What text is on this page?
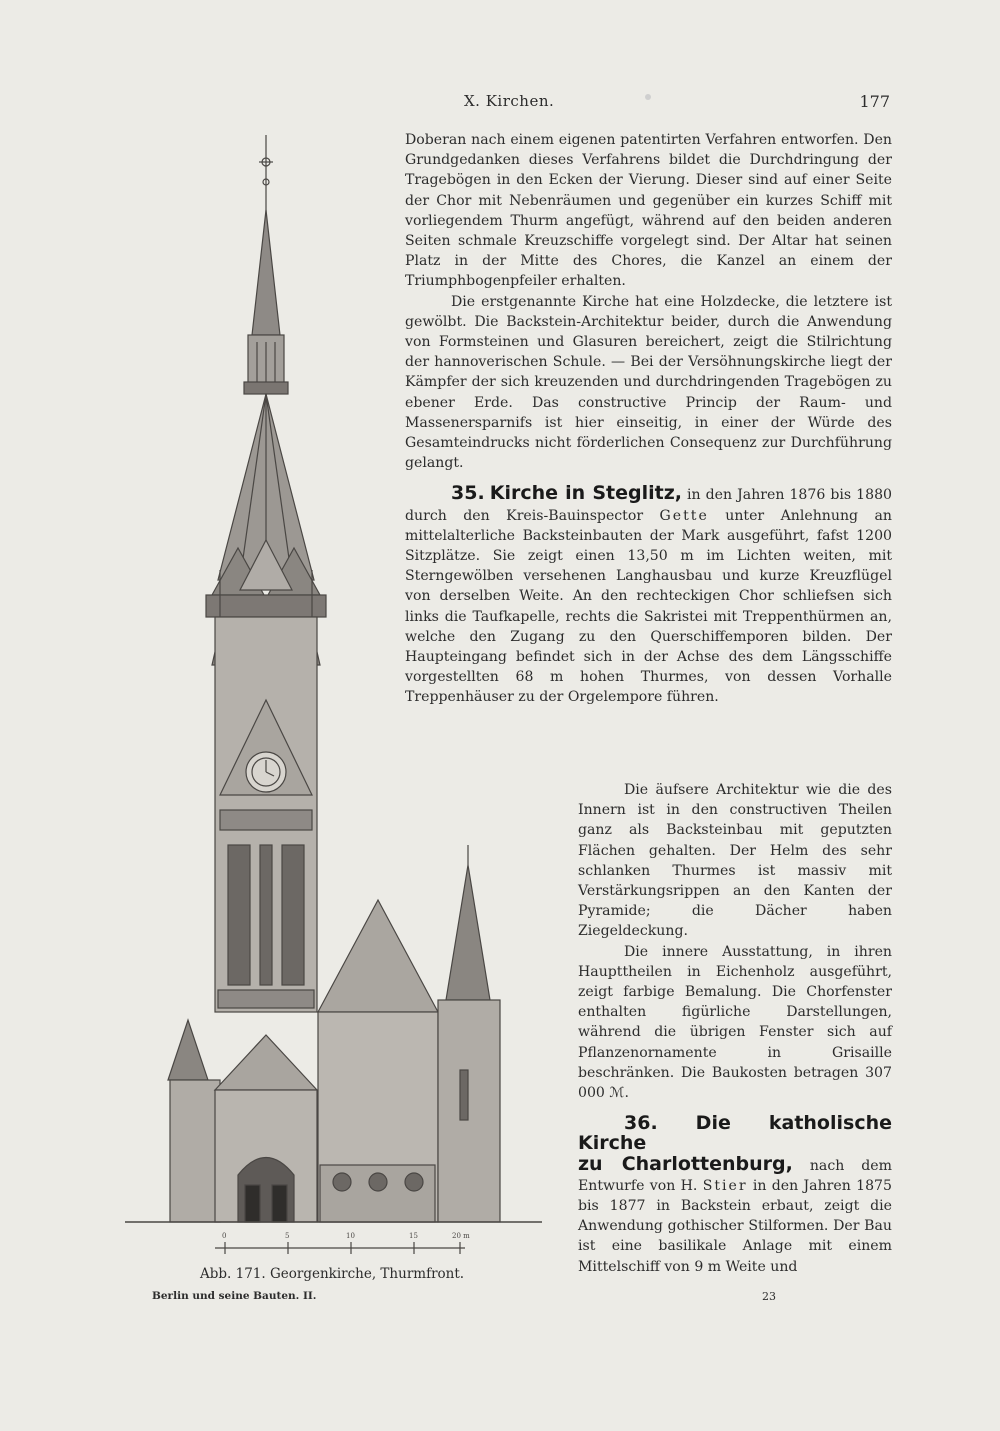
X. Kirchen.	177
0	5	10	15	20 m

Doberan nach einem eigenen patentirten Verfahren entworfen. Den Grundgedanken dieses Verfahrens bildet die Durchdringung der Tragebögen in den Ecken der Vierung. Dieser sind auf einer Seite der Chor mit Nebenräumen und gegenüber ein kurzes Schiff mit vorliegendem Thurm angefügt, während auf den beiden anderen Seiten schmale Kreuzschiffe vorgelegt sind. Der Altar hat seinen Platz in der Mitte des Chores, die Kanzel an einem der Triumphbogenpfeiler erhalten.

Die erstgenannte Kirche hat eine Holzdecke, die letztere ist gewölbt. Die Backstein-Architektur beider, durch die Anwendung von Formsteinen und Glasuren bereichert, zeigt die Stilrichtung der hannoverischen Schule. — Bei der Versöhnungskirche liegt der Kämpfer der sich kreuzenden und durchdringenden Tragebögen zu ebener Erde. Das constructive Princip der Raum- und Massenersparnifs ist hier einseitig, in einer der Würde des Gesamteindrucks nicht förderlichen Consequenz zur Durchführung gelangt.

35. Kirche in Steglitz, in den Jahren 1876 bis 1880 durch den Kreis-Bauinspector Gette unter Anlehnung an mittelalterliche Backsteinbauten der Mark ausgeführt, fafst 1200 Sitzplätze. Sie zeigt einen 13,50 m im Lichten weiten, mit Sterngewölben versehenen Langhausbau und kurze Kreuzflügel von derselben Weite. An den rechteckigen Chor schliefsen sich links die Taufkapelle, rechts die Sakristei mit Treppenthürmen an, welche den Zugang zu den Querschiffemporen bilden. Der Haupteingang befindet sich in der Achse des dem Längsschiffe vorgestellten 68 m hohen Thurmes, von dessen Vorhalle Treppenhäuser zu der Orgelempore führen.

Die äufsere Architektur wie die des Innern ist in den constructiven Theilen ganz als Backsteinbau mit geputzten Flächen gehalten. Der Helm des sehr schlanken Thurmes ist massiv mit Verstärkungsrippen an den Kanten der Pyramide; die Dächer haben Ziegeldeckung.

Die innere Ausstattung, in ihren Haupttheilen in Eichenholz ausgeführt, zeigt farbige Bemalung. Die Chorfenster enthalten figürliche Darstellungen, während die übrigen Fenster sich auf Pflanzenornamente in Grisaille beschränken. Die Baukosten betragen 307 000 ℳ.

36. Die katholische Kirche
zu Charlottenburg, nach dem Entwurfe von H. Stier in den Jahren 1875 bis 1877 in Backstein erbaut, zeigt die Anwendung gothischer Stilformen. Der Bau ist eine basilikale Anlage mit einem Mittelschiff von 9 m Weite und

Abb. 171. Georgenkirche, Thurmfront.
Berlin und seine Bauten. II.	23
